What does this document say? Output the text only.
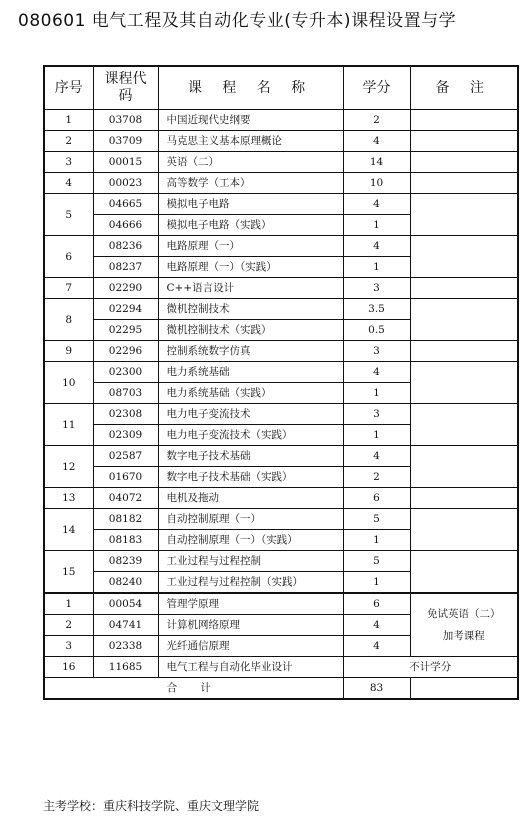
080601 电气工程及其自动化专业(专升本)课程设置与学
序号	课程代码	课 程 名 称	学分	备 注
1	03708	中国近现代史纲要	2	
2	03709	马克思主义基本原理概论	4	
3	00015	英语（二）	14	
4	00023	高等数学（工本）	10	
5	04665	模拟电子电路	4	
	04666	模拟电子电路（实践）	1	
6	08236	电路原理（一）	4	
	08237	电路原理（一）（实践）	1	
7	02290	C++语言设计	3	
8	02294	微机控制技术	3.5	
	02295	微机控制技术（实践）	0.5	
9	02296	控制系统数字仿真	3	
10	02300	电力系统基础	4	
	08703	电力系统基础（实践）	1	
11	02308	电力电子变流技术	3	
	02309	电力电子变流技术（实践）	1	
12	02587	数字电子技术基础	4	
	01670	数字电子技术基础（实践）	2	
13	04072	电机及拖动	6	
14	08182	自动控制原理（一）	5	
	08183	自动控制原理（一）（实践）	1	
15	08239	工业过程与过程控制	5	
	08240	工业过程与过程控制（实践）	1	
1	00054	管理学原理	6	免试英语（二）加考课程
2	04741	计算机网络原理	4	
3	02338	光纤通信原理	4	
16	11685	电气工程与自动化毕业设计	不计学分	
合 计			83	
主考学校：重庆科技学院、重庆文理学院
